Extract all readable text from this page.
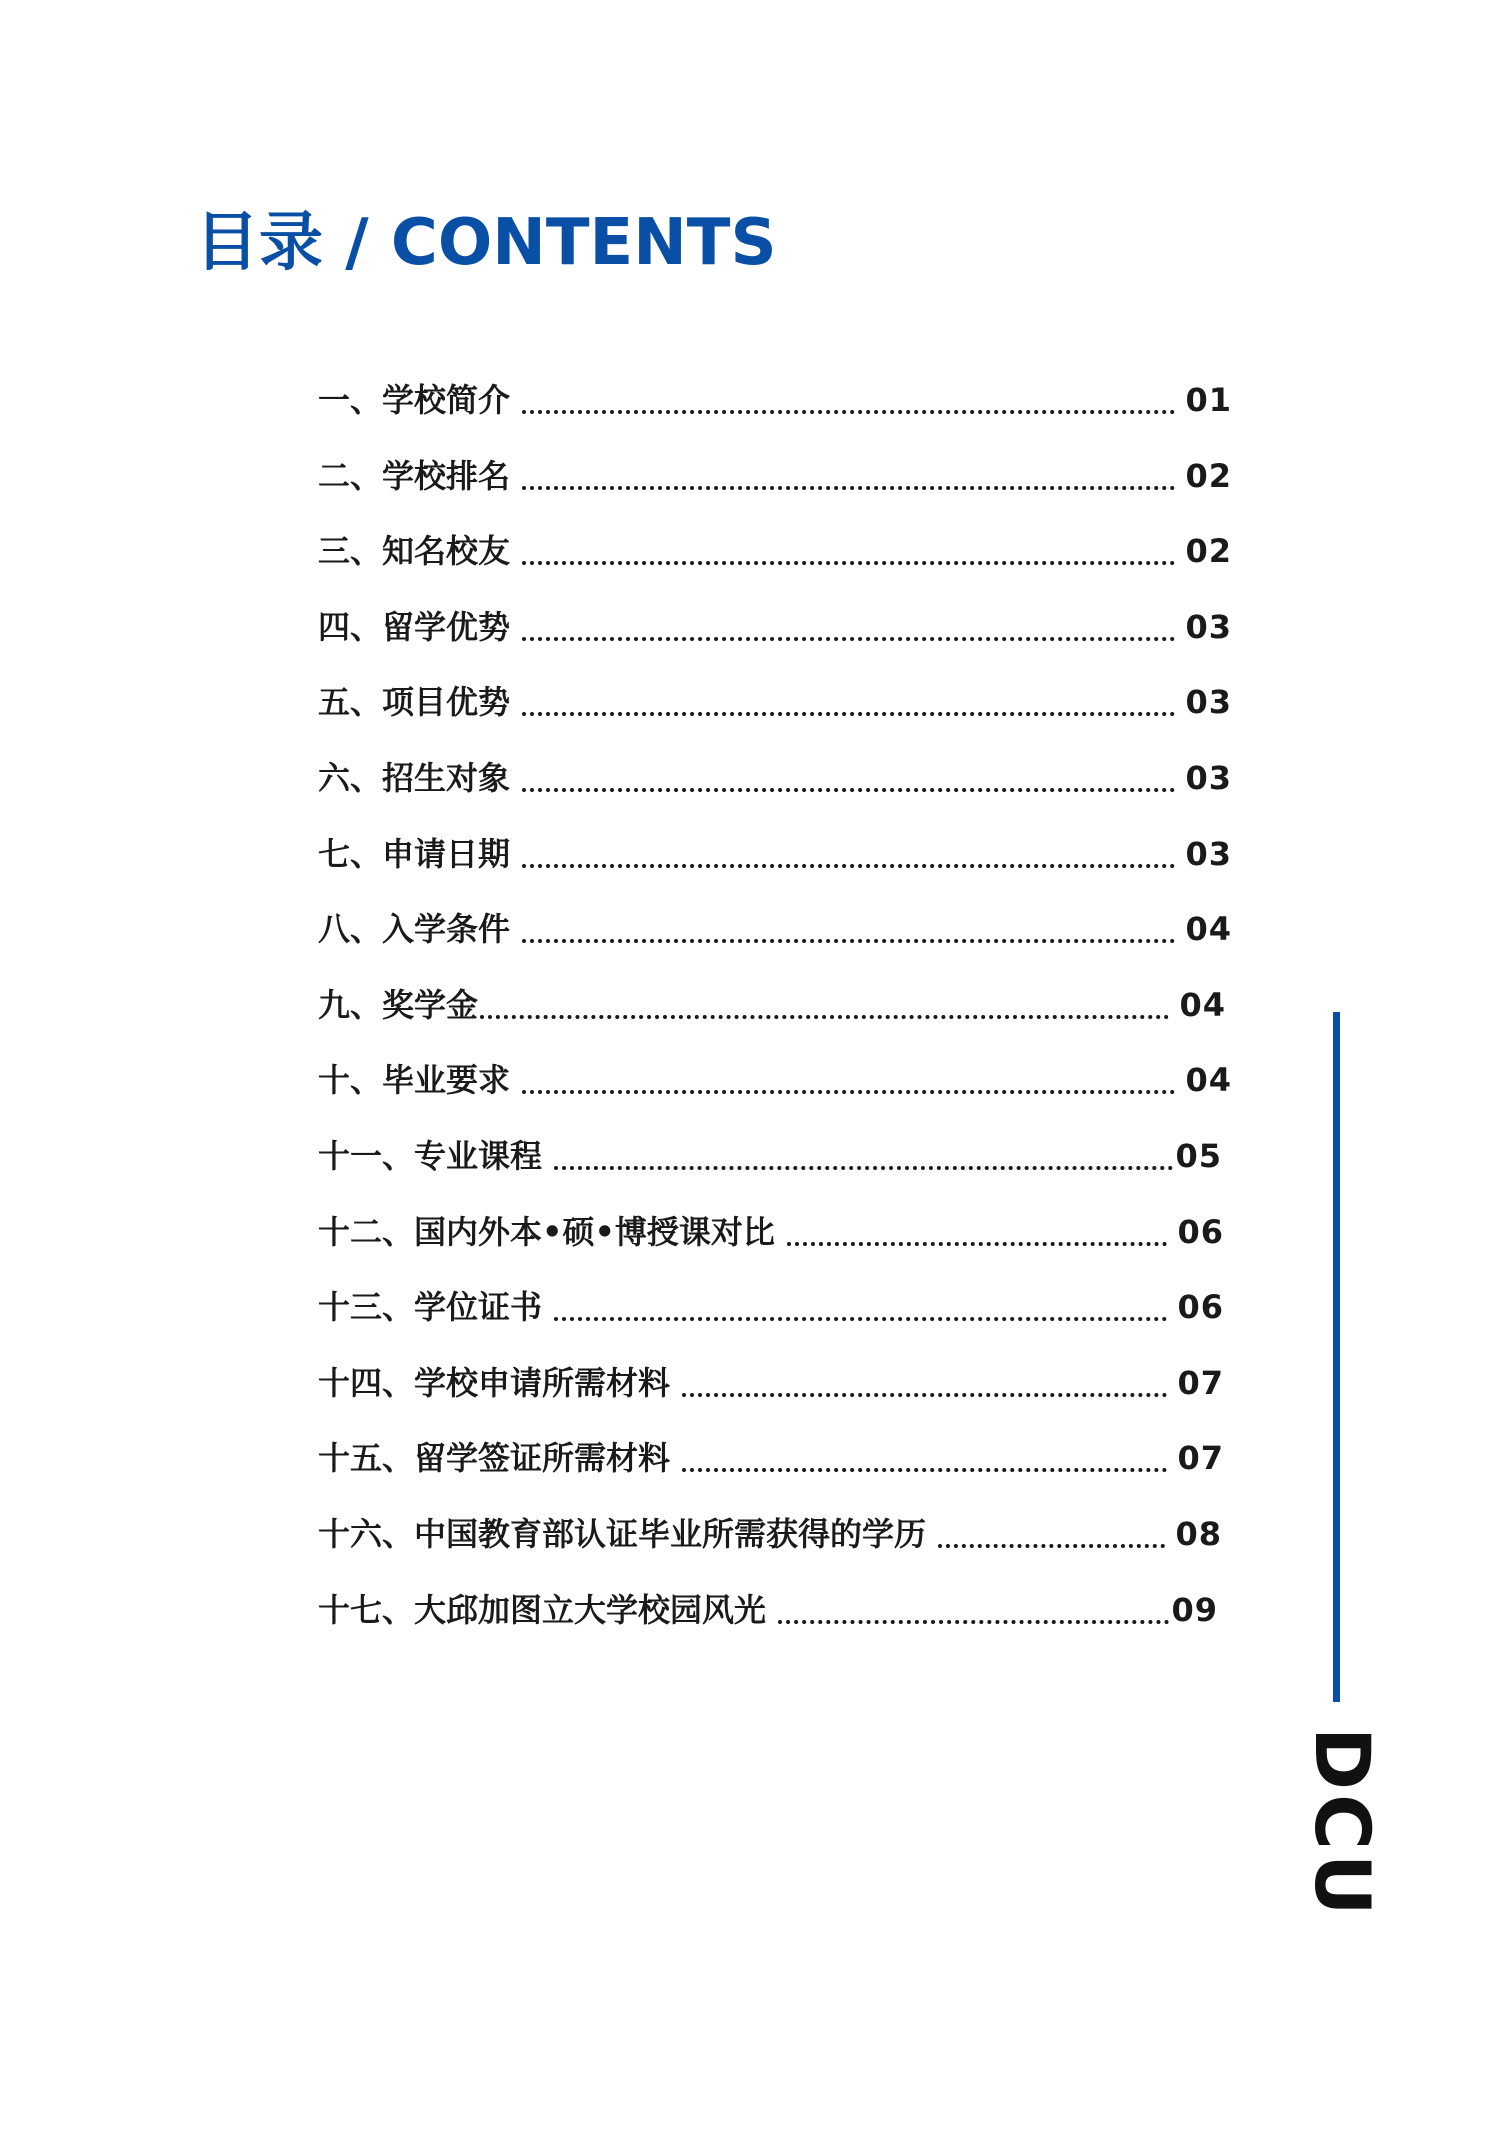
目录 / CONTENTS
一、学校简介	01
二、学校排名	02
三、知名校友	02
四、留学优势	03
五、项目优势	03
六、招生对象	03
七、申请日期	03
八、入学条件	04
九、奖学金	04
十、毕业要求	04
十一、专业课程	05
十二、国内外本•硕•博授课对比	06
十三、学位证书	06
十四、学校申请所需材料	07
十五、留学签证所需材料	07
十六、中国教育部认证毕业所需获得的学历	08
十七、大邱加图立大学校园风光	09
DCU
